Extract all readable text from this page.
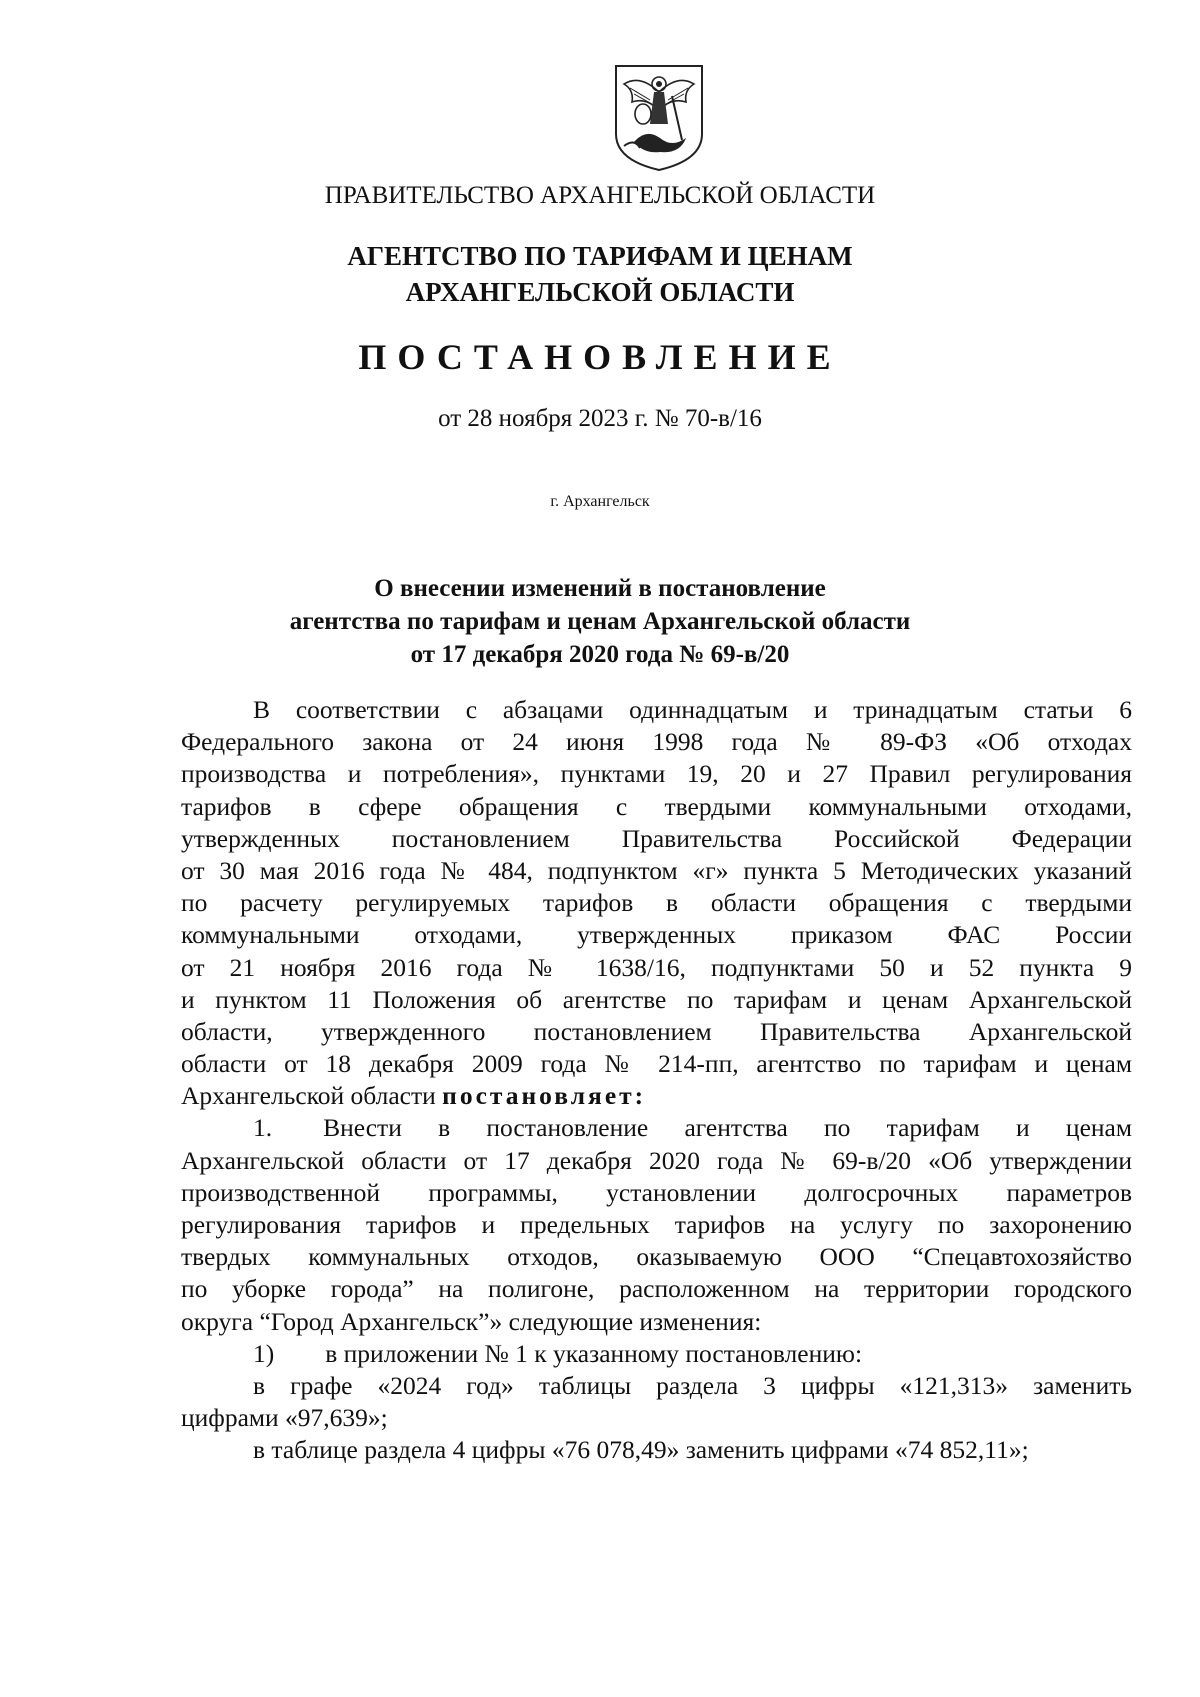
ПРАВИТЕЛЬСТВО АРХАНГЕЛЬСКОЙ ОБЛАСТИ
АГЕНТСТВО ПО ТАРИФАМ И ЦЕНАМ
АРХАНГЕЛЬСКОЙ ОБЛАСТИ
ПОСТАНОВЛЕНИЕ
от 28 ноября 2023 г. № 70-в/16
г. Архангельск
О внесении изменений в постановление
агентства по тарифам и ценам Архангельской области
от 17 декабря 2020 года № 69-в/20
В соответствии с абзацами одиннадцатым и тринадцатым статьи 6
Федерального закона от 24 июня 1998 года № 89-ФЗ «Об отходах
производства и потребления», пунктами 19, 20 и 27 Правил регулирования
тарифов в сфере обращения с твердыми коммунальными отходами,
утвержденных постановлением Правительства Российской Федерации
от 30 мая 2016 года № 484, подпунктом «г» пункта 5 Методических указаний
по расчету регулируемых тарифов в области обращения с твердыми
коммунальными отходами, утвержденных приказом ФАС России
от 21 ноября 2016 года № 1638/16, подпунктами 50 и 52 пункта 9
и пунктом 11 Положения об агентстве по тарифам и ценам Архангельской
области, утвержденного постановлением Правительства Архангельской
области от 18 декабря 2009 года № 214-пп, агентство по тарифам и ценам
Архангельской области постановляет:
1.   Внести в постановление агентства по тарифам и ценам
Архангельской области от 17 декабря 2020 года № 69-в/20 «Об утверждении
производственной программы, установлении долгосрочных параметров
регулирования тарифов и предельных тарифов на услугу по захоронению
твердых коммунальных отходов, оказываемую ООО “Спецавтохозяйство
по уборке города” на полигоне, расположенном на территории городского
округа “Город Архангельск”» следующие изменения:
1)   в приложении № 1 к указанному постановлению:
в графе «2024 год» таблицы раздела 3 цифры «121,313» заменить
цифрами «97,639»;
в таблице раздела 4 цифры «76 078,49» заменить цифрами «74 852,11»;
